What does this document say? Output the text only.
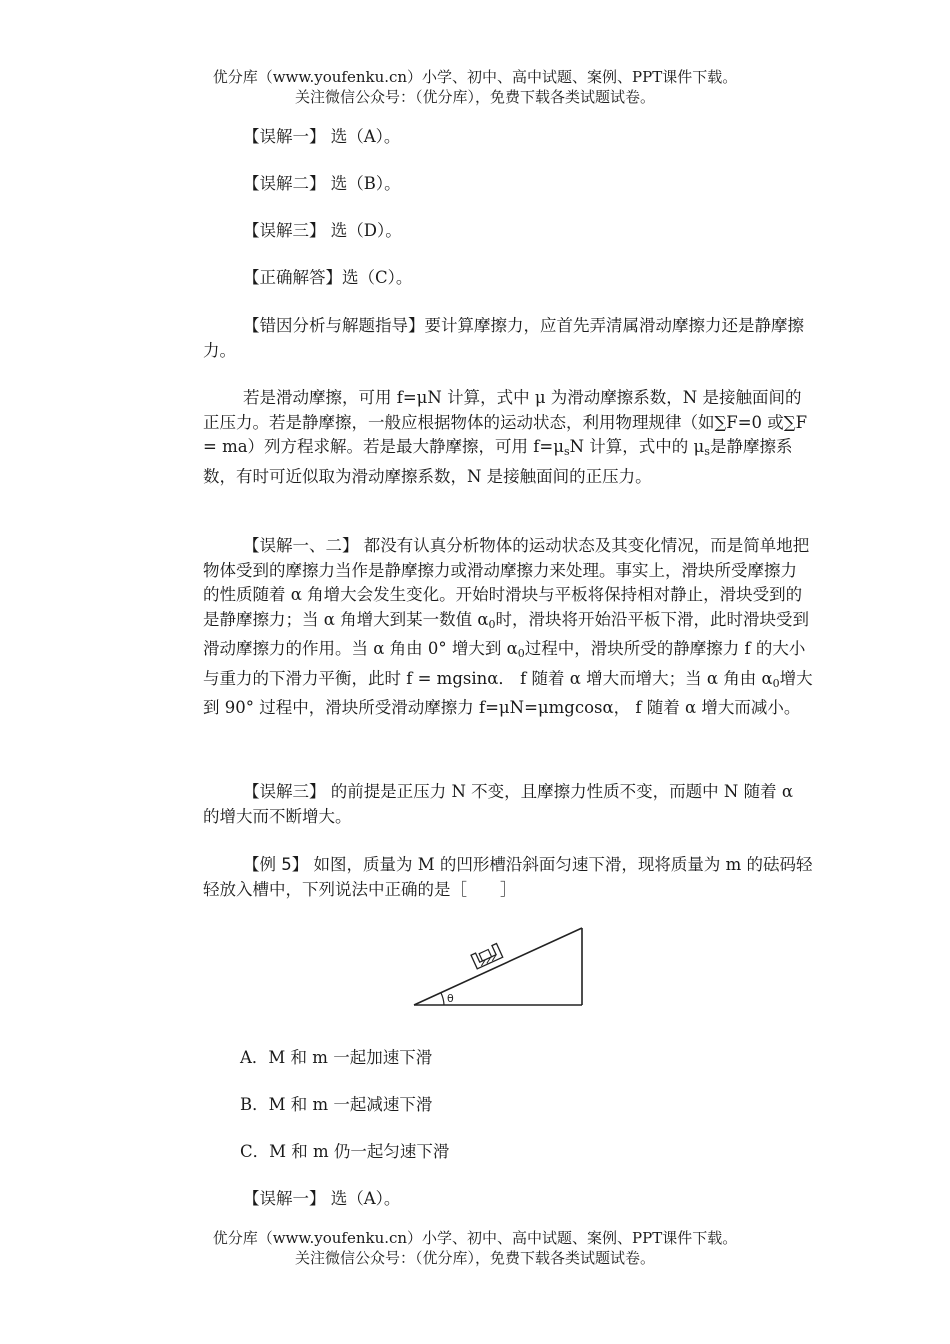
优分库（www.youfenku.cn）小学、初中、高中试题、案例、PPT课件下载。
关注微信公众号：（优分库），免费下载各类试题试卷。

【误解一】 选（A）。

【误解二】 选（B）。

【误解三】 选（D）。

【正确解答】选（C）。

【错因分析与解题指导】要计算摩擦力，应首先弄清属滑动摩擦力还是静摩擦力。

若是滑动摩擦，可用 f=μN 计算，式中 μ 为滑动摩擦系数，N 是接触面间的正压力。若是静摩擦，一般应根据物体的运动状态，利用物理规律（如∑F=0 或∑F = ma）列方程求解。若是最大静摩擦，可用 $f=\mu_sN$ 计算，式中的 $\mu_s$是静摩擦系数，有时可近似取为滑动摩擦系数，N 是接触面间的正压力。

【误解一、二】 都没有认真分析物体的运动状态及其变化情况，而是简单地把物体受到的摩擦力当作是静摩擦力或滑动摩擦力来处理。事实上，滑块所受摩擦力的性质随着 α 角增大会发生变化。开始时滑块与平板将保持相对静止，滑块受到的是静摩擦力；当 α 角增大到某一数值 $\alpha_0$时，滑块将开始沿平板下滑，此时滑块受到滑动摩擦力的作用。当 α 角由 0° 增大到 $\alpha_0$过程中，滑块所受的静摩擦力 f 的大小与重力的下滑力平衡，此时 f = mgsinα． f 随着 α 增大而增大；当 α 角由 $\alpha_0$增大到 90° 过程中，滑块所受滑动摩擦力 f=μN=μmgcosα， f 随着 α 增大而减小。

【误解三】 的前提是正压力 N 不变，且摩擦力性质不变，而题中 N 随着 α 的增大而不断增大。

【例 5】 如图，质量为 M 的凹形槽沿斜面匀速下滑，现将质量为 m 的砝码轻轻放入槽中，下列说法中正确的是［　　］

θ

A．M 和 m 一起加速下滑

B．M 和 m 一起减速下滑

C．M 和 m 仍一起匀速下滑

【误解一】 选（A）。

优分库（www.youfenku.cn）小学、初中、高中试题、案例、PPT课件下载。
关注微信公众号：（优分库），免费下载各类试题试卷。
